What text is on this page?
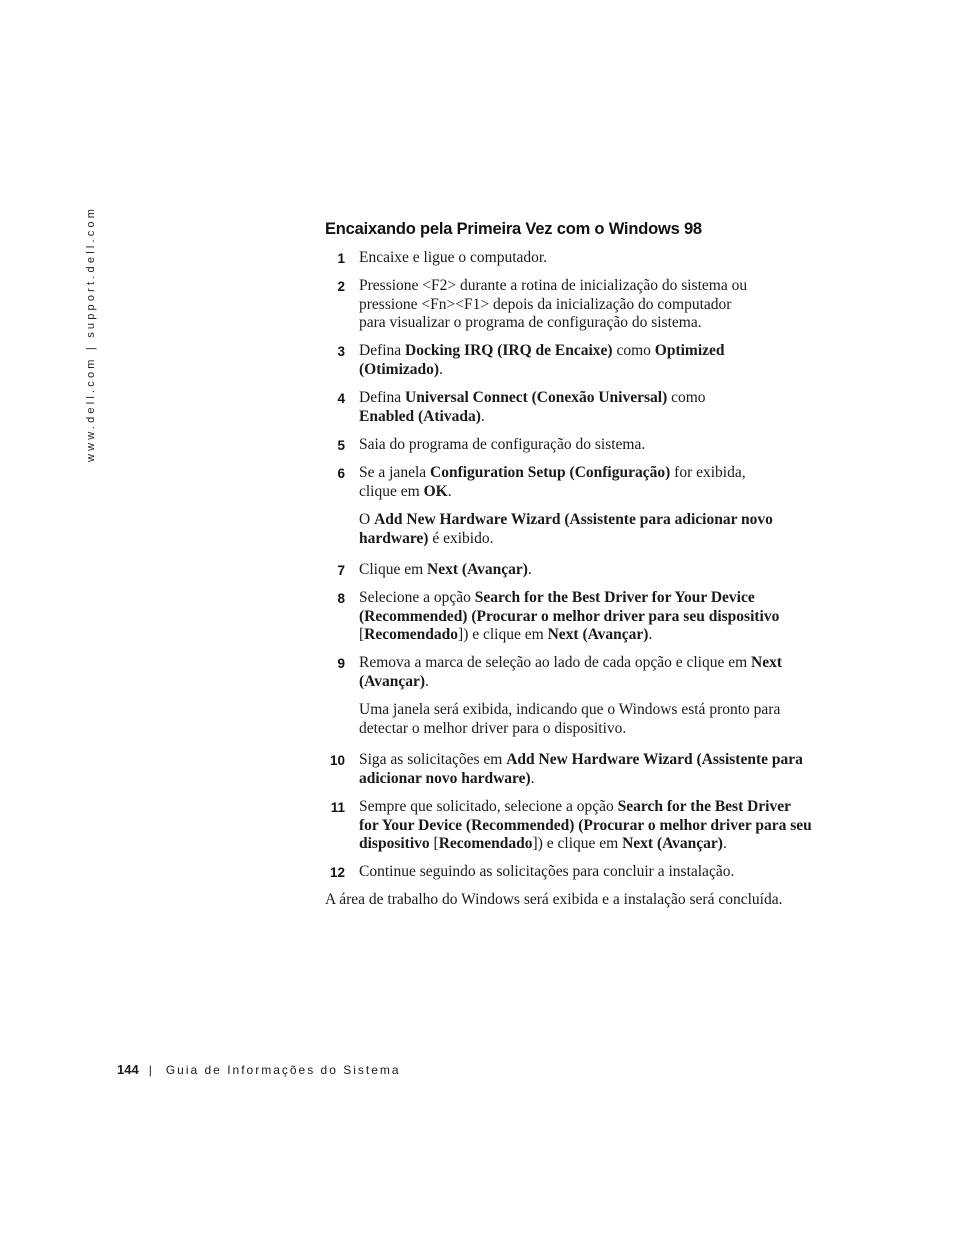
www.dell.com | support.dell.com	Encaixando pela Primeira Vez com o Windows 98
1 Encaixe e ligue o computador.
2 Pressione <F2> durante a rotina de inicialização do sistema ou
pressione <Fn><F1> depois da inicialização do computador
para visualizar o programa de configuração do sistema.
3 Defina Docking IRQ (IRQ de Encaixe) como Optimized
(Otimizado).
4 Defina Universal Connect (Conexão Universal) como
Enabled (Ativada).
5 Saia do programa de configuração do sistema.
6 Se a janela Configuration Setup (Configuração) for exibida,
clique em OK.
O Add New Hardware Wizard (Assistente para adicionar novo
hardware) é exibido.
7 Clique em Next (Avançar).
8 Selecione a opção Search for the Best Driver for Your Device
(Recommended) (Procurar o melhor driver para seu dispositivo
[Recomendado]) e clique em Next (Avançar).
9 Remova a marca de seleção ao lado de cada opção e clique em Next
(Avançar).
Uma janela será exibida, indicando que o Windows está pronto para
detectar o melhor driver para o dispositivo.
10 Siga as solicitações em Add New Hardware Wizard (Assistente para
adicionar novo hardware).
11 Sempre que solicitado, selecione a opção Search for the Best Driver
for Your Device (Recommended) (Procurar o melhor driver para seu
dispositivo [Recomendado]) e clique em Next (Avançar).
12 Continue seguindo as solicitações para concluir a instalação.
A área de trabalho do Windows será exibida e a instalação será concluída.
144 | Guia de Informações do Sistema
